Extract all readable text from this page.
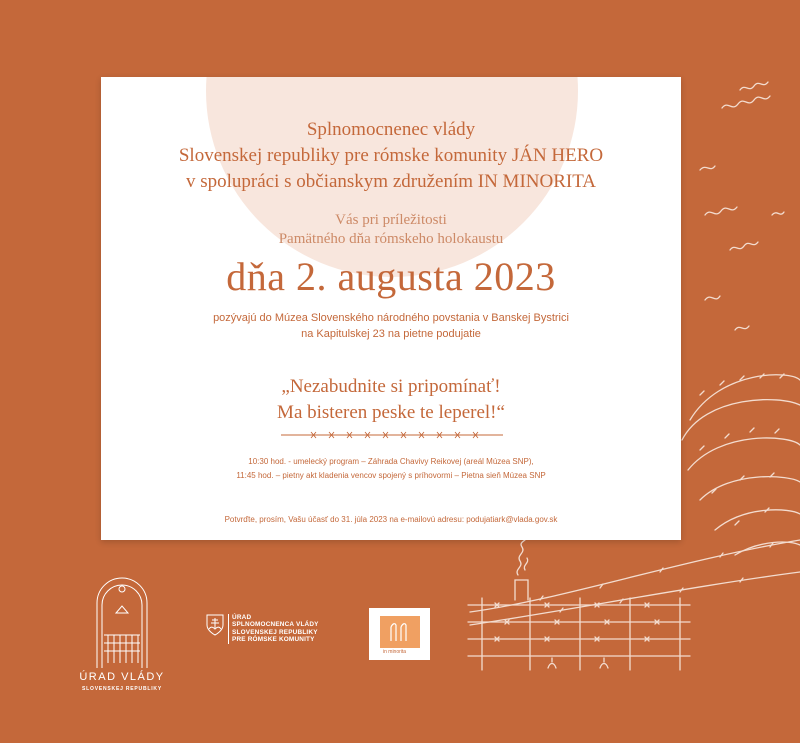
Splnomocnenec vlády
Slovenskej republiky pre rómske komunity JÁN HERO
v spolupráci s občianskym združením IN MINORITA
Vás pri príležitosti
Pamätného dňa rómskeho holokaustu
dňa 2. augusta 2023
pozývajú do Múzea Slovenského národného povstania v Banskej Bystrici
na Kapitulskej 23 na pietne podujatie
„Nezabudnite si pripomínať!
Ma bisteren peske te leperel!“
10:30 hod. - umelecký program – Záhrada Chavivy Reikovej (areál Múzea SNP),
11:45 hod. – pietny akt kladenia vencov spojený s príhovormi – Pietna sieň Múzea SNP
Potvrďte, prosím, Vašu účasť do 31. júla 2023 na e-mailovú adresu: podujatiark@vlada.gov.sk
ÚRAD VLÁDY
SLOVENSKEJ REPUBLIKY
ÚRAD
SPLNOMOCNENCA VLÁDY
SLOVENSKEJ REPUBLIKY
PRE RÓMSKE KOMUNITY
in minorita
